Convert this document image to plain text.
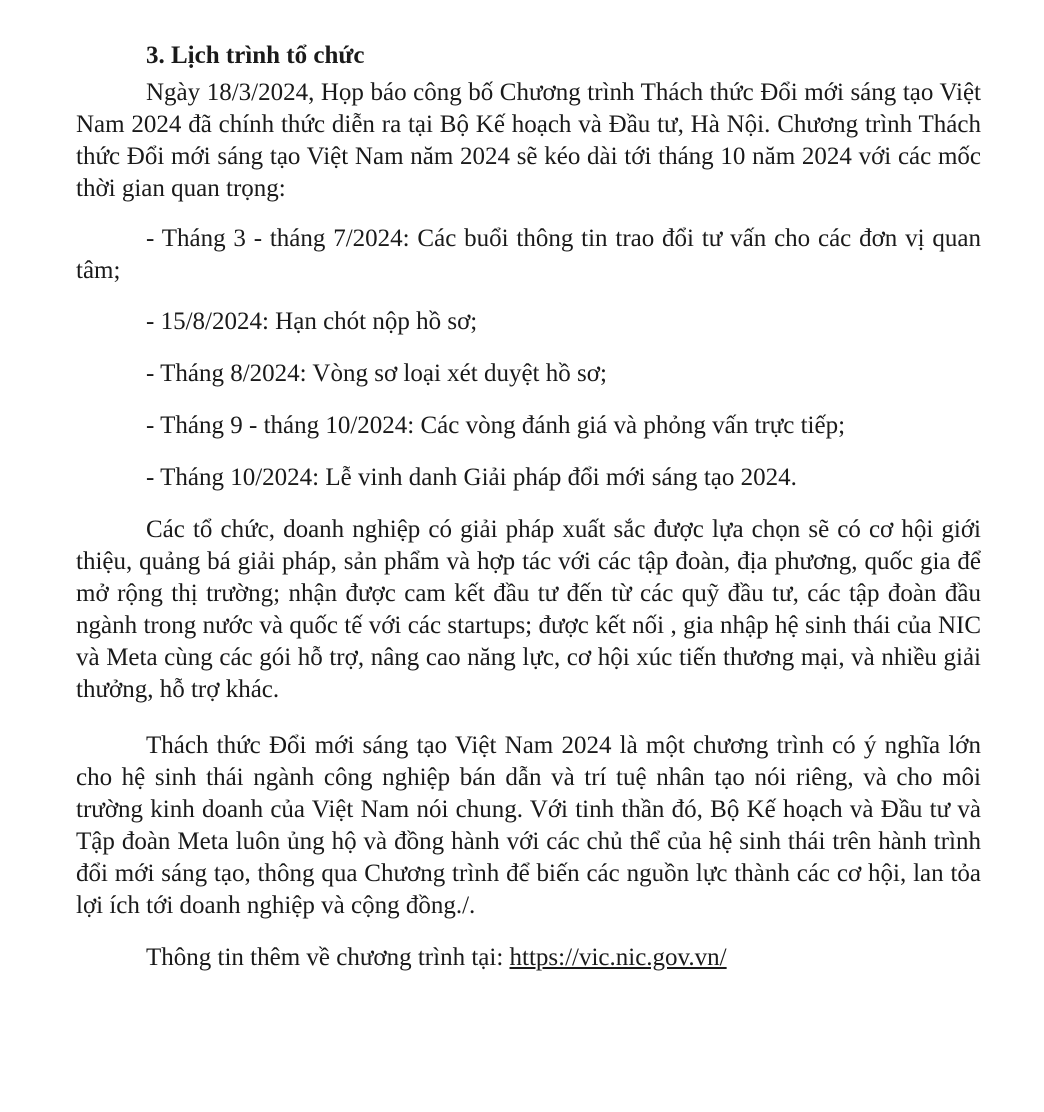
3. Lịch trình tổ chức

Ngày 18/3/2024, Họp báo công bố Chương trình Thách thức Đổi mới sáng tạo Việt Nam 2024 đã chính thức diễn ra tại Bộ Kế hoạch và Đầu tư, Hà Nội. Chương trình Thách thức Đổi mới sáng tạo Việt Nam năm 2024 sẽ kéo dài tới tháng 10 năm 2024 với các mốc thời gian quan trọng:

- Tháng 3 - tháng 7/2024: Các buổi thông tin trao đổi tư vấn cho các đơn vị quan tâm;

- 15/8/2024: Hạn chót nộp hồ sơ;

- Tháng 8/2024: Vòng sơ loại xét duyệt hồ sơ;

- Tháng 9 - tháng 10/2024: Các vòng đánh giá và phỏng vấn trực tiếp;

- Tháng 10/2024: Lễ vinh danh Giải pháp đổi mới sáng tạo 2024.

Các tổ chức, doanh nghiệp có giải pháp xuất sắc được lựa chọn sẽ có cơ hội giới thiệu, quảng bá giải pháp, sản phẩm và hợp tác với các tập đoàn, địa phương, quốc gia để mở rộng thị trường; nhận được cam kết đầu tư đến từ các quỹ đầu tư, các tập đoàn đầu ngành trong nước và quốc tế với các startups; được kết nối , gia nhập hệ sinh thái của NIC và Meta cùng các gói hỗ trợ, nâng cao năng lực, cơ hội xúc tiến thương mại, và nhiều giải thưởng, hỗ trợ khác.

Thách thức Đổi mới sáng tạo Việt Nam 2024 là một chương trình có ý nghĩa lớn cho hệ sinh thái ngành công nghiệp bán dẫn và trí tuệ nhân tạo nói riêng, và cho môi trường kinh doanh của Việt Nam nói chung. Với tinh thần đó, Bộ Kế hoạch và Đầu tư và Tập đoàn Meta luôn ủng hộ và đồng hành với các chủ thể của hệ sinh thái trên hành trình đổi mới sáng tạo, thông qua Chương trình để biến các nguồn lực thành các cơ hội, lan tỏa lợi ích tới doanh nghiệp và cộng đồng./.

Thông tin thêm về chương trình tại: https://vic.nic.gov.vn/
